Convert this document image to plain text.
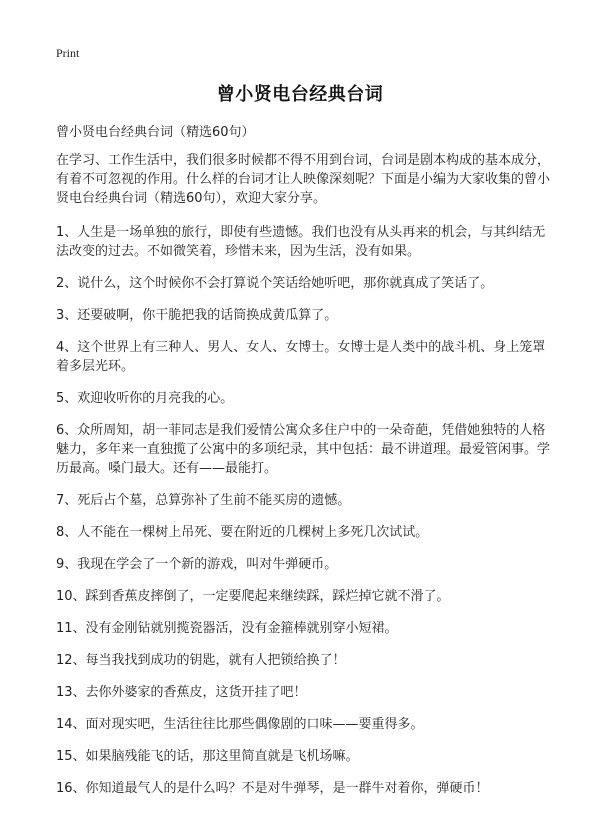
Print
曾小贤电台经典台词
曾小贤电台经典台词（精选60句）

在学习、工作生活中，我们很多时候都不得不用到台词，台词是剧本构成的基本成分，有着不可忽视的作用。什么样的台词才让人映像深刻呢？下面是小编为大家收集的曾小贤电台经典台词（精选60句），欢迎大家分享。

1、人生是一场单独的旅行，即使有些遗憾。我们也没有从头再来的机会，与其纠结无法改变的过去。不如微笑着，珍惜未来，因为生活，没有如果。

2、说什么，这个时候你不会打算说个笑话给她听吧，那你就真成了笑话了。

3、还要破啊，你干脆把我的话筒换成黄瓜算了。

4、这个世界上有三种人、男人、女人、女博士。女博士是人类中的战斗机、身上笼罩着多层光环。

5、欢迎收听你的月亮我的心。

6、众所周知，胡一菲同志是我们爱情公寓众多住户中的一朵奇葩，凭借她独特的人格魅力，多年来一直独揽了公寓中的多项纪录，其中包括：最不讲道理。最爱管闲事。学历最高。嗓门最大。还有——最能打。

7、死后占个墓，总算弥补了生前不能买房的遗憾。

8、人不能在一棵树上吊死、要在附近的几棵树上多死几次试试。

9、我现在学会了一个新的游戏，叫对牛弹硬币。

10、踩到香蕉皮摔倒了，一定要爬起来继续踩，踩烂掉它就不滑了。

11、没有金刚钻就别揽瓷器活，没有金箍棒就别穿小短裙。

12、每当我找到成功的钥匙，就有人把锁给换了！

13、去你外婆家的香蕉皮，这货开挂了吧！

14、面对现实吧，生活往往比那些偶像剧的口味——要重得多。

15、如果脑残能飞的话，那这里简直就是飞机场嘛。

16、你知道最气人的是什么吗？不是对牛弹琴，是一群牛对着你，弹硬币！
